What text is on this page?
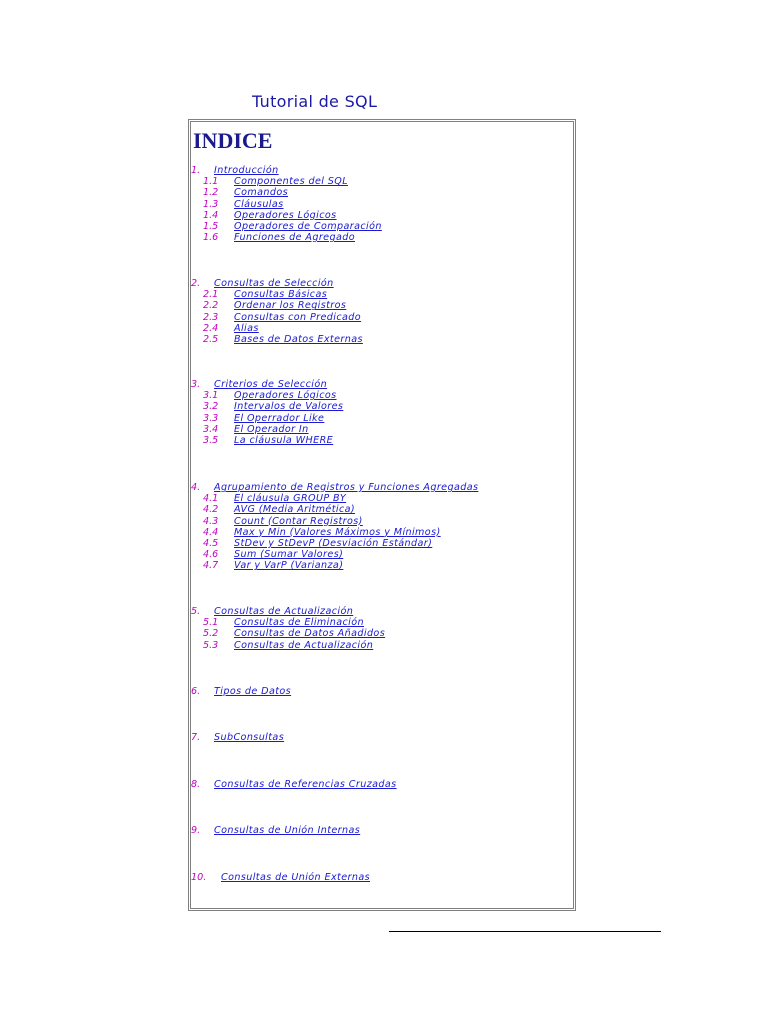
Tutorial de SQL
INDICE
1. Introducción
1.1 Componentes del SQL
1.2 Comandos
1.3 Cláusulas
1.4 Operadores Lógicos
1.5 Operadores de Comparación
1.6 Funciones de Agregado
2. Consultas de Selección
2.1 Consultas Básicas
2.2 Ordenar los Registros
2.3 Consultas con Predicado
2.4 Alias
2.5 Bases de Datos Externas
3. Criterios de Selección
3.1 Operadores Lógicos
3.2 Intervalos de Valores
3.3 El Operrador Like
3.4 El Operador In
3.5 La cláusula WHERE
4. Agrupamiento de Registros y Funciones Agregadas
4.1 El cláusula GROUP BY
4.2 AVG (Media Aritmética)
4.3 Count (Contar Registros)
4.4 Max y Min (Valores Máximos y Mínimos)
4.5 StDev y StDevP (Desviación Estándar)
4.6 Sum (Sumar Valores)
4.7 Var y VarP (Varianza)
5. Consultas de Actualización
5.1 Consultas de Eliminación
5.2 Consultas de Datos Añadidos
5.3 Consultas de Actualización
6. Tipos de Datos
7. SubConsultas
8. Consultas de Referencias Cruzadas
9. Consultas de Unión Internas
10. Consultas de Unión Externas
